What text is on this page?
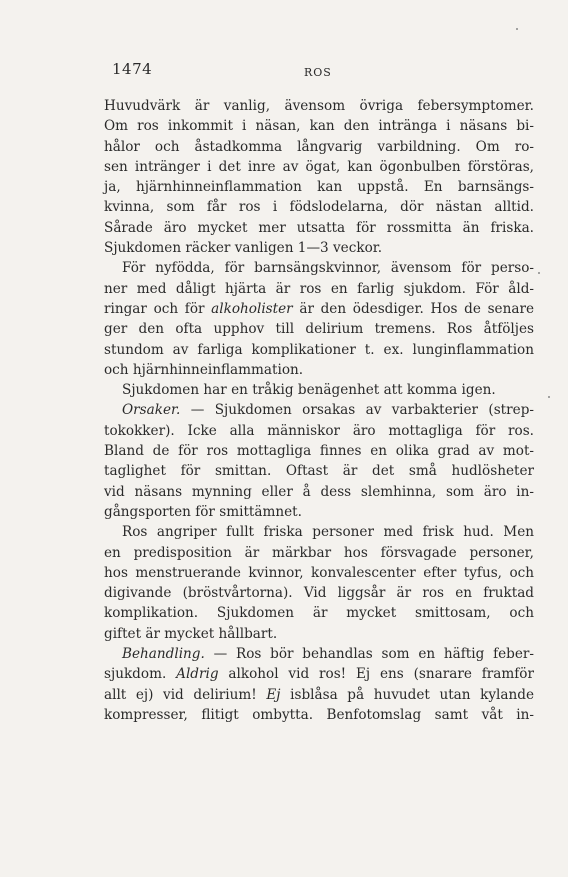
1474	ROS
Huvudvärk är vanlig, ävensom övriga febersymptomer.
Om ros inkommit i näsan, kan den intränga i näsans bi-
hålor och åstadkomma långvarig varbildning. Om ro-
sen intränger i det inre av ögat, kan ögonbulben förstöras,
ja, hjärnhinneinflammation kan uppstå. En barnsängs-
kvinna, som får ros i födslodelarna, dör nästan alltid.
Sårade äro mycket mer utsatta för rossmitta än friska.
Sjukdomen räcker vanligen 1—3 veckor.
För nyfödda, för barnsängskvinnor, ävensom för perso-
ner med dåligt hjärta är ros en farlig sjukdom. För åld-
ringar och för alkoholister är den ödesdiger. Hos de senare
ger den ofta upphov till delirium tremens. Ros åtföljes
stundom av farliga komplikationer t. ex. lunginflammation
och hjärnhinneinflammation.
Sjukdomen har en tråkig benägenhet att komma igen.
Orsaker. — Sjukdomen orsakas av varbakterier (strep-
tokokker). Icke alla människor äro mottagliga för ros.
Bland de för ros mottagliga finnes en olika grad av mot-
taglighet för smittan. Oftast är det små hudlösheter
vid näsans mynning eller å dess slemhinna, som äro in-
gångsporten för smittämnet.
Ros angriper fullt friska personer med frisk hud. Men
en predisposition är märkbar hos försvagade personer,
hos menstruerande kvinnor, konvalescenter efter tyfus, och
digivande (bröstvårtorna). Vid liggsår är ros en fruktad
komplikation. Sjukdomen är mycket smittosam, och
giftet är mycket hållbart.
Behandling. — Ros bör behandlas som en häftig feber-
sjukdom. Aldrig alkohol vid ros! Ej ens (snarare framför
allt ej) vid delirium! Ej isblåsa på huvudet utan kylande
kompresser, flitigt ombytta. Benfotomslag samt våt in-
